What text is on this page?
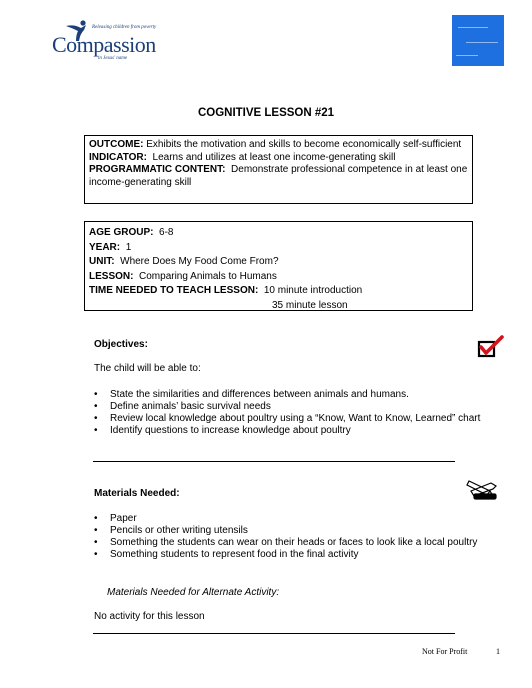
Releasing children from poverty
Compassion
in Jesus' name
COGNITIVE LESSON #21

OUTCOME: Exhibits the motivation and skills to become economically self-sufficient

INDICATOR: Learns and utilizes at least one income-generating skill

PROGRAMMATIC CONTENT: Demonstrate professional competence in at least one income-generating skill

AGE GROUP: 6-8

YEAR: 1

UNIT: Where Does My Food Come From?

LESSON: Comparing Animals to Humans

TIME NEEDED TO TEACH LESSON: 10 minute introduction

35 minute lesson

Objectives:
The child will be able to:
• State the similarities and differences between animals and humans.
• Define animals’ basic survival needs
• Review local knowledge about poultry using a “Know, Want to Know, Learned” chart
• Identify questions to increase knowledge about poultry
Materials Needed:
• Paper
• Pencils or other writing utensils
• Something the students can wear on their heads or faces to look like a local poultry
• Something students to represent food in the final activity
Materials Needed for Alternate Activity:
No activity for this lesson
Not For Profit	1
